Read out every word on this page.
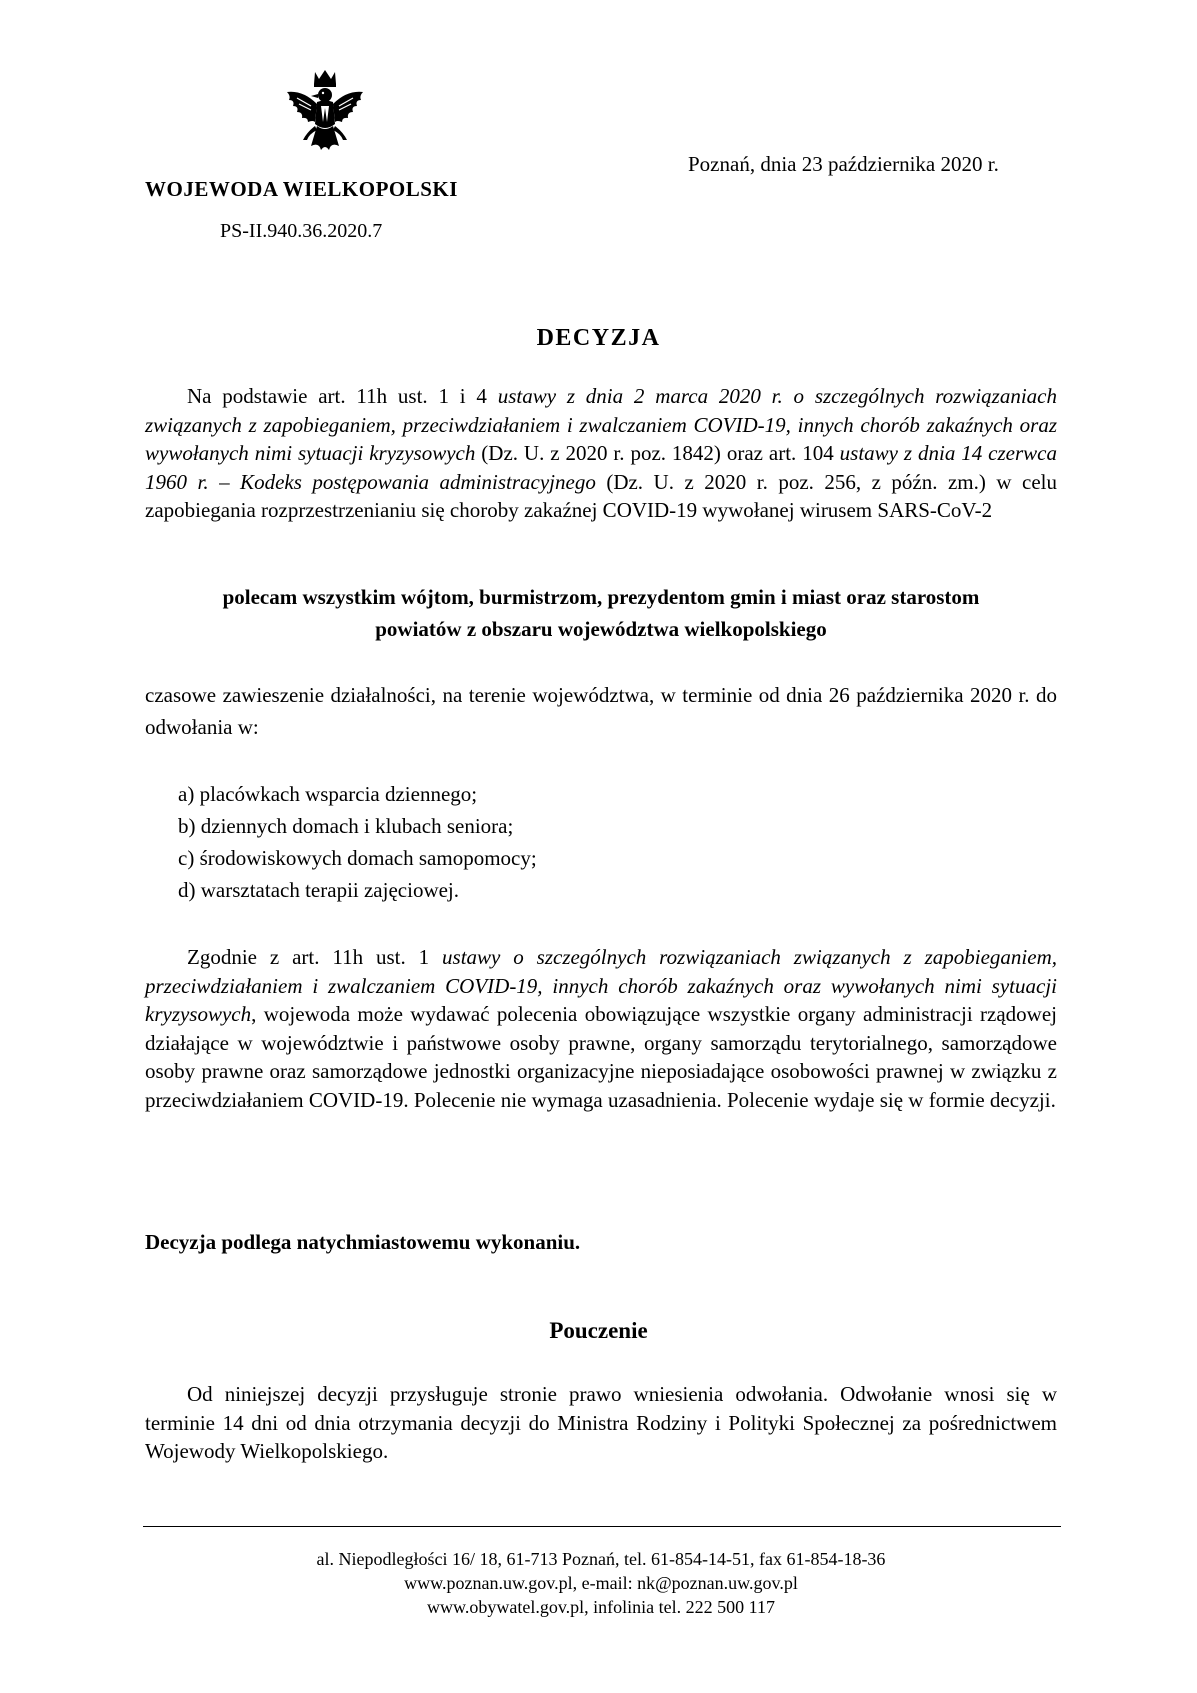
WOJEWODA WIELKOPOLSKI
PS-II.940.36.2020.7
Poznań, dnia 23 października 2020 r.
DECYZJA
Na podstawie art. 11h ust. 1 i 4 ustawy z dnia 2 marca 2020 r. o szczególnych rozwiązaniach związanych z zapobieganiem, przeciwdziałaniem i zwalczaniem COVID-19, innych chorób zakaźnych oraz wywołanych nimi sytuacji kryzysowych (Dz. U. z 2020 r. poz. 1842) oraz art. 104 ustawy z dnia 14 czerwca 1960 r. – Kodeks postępowania administracyjnego (Dz. U. z 2020 r. poz. 256, z późn. zm.) w celu zapobiegania rozprzestrzenianiu się choroby zakaźnej COVID-19 wywołanej wirusem SARS-CoV-2
polecam wszystkim wójtom, burmistrzom, prezydentom gmin i miast oraz starostom
powiatów z obszaru województwa wielkopolskiego
czasowe zawieszenie działalności, na terenie województwa, w terminie od dnia 26 października 2020 r. do odwołania w:
a) placówkach wsparcia dziennego;
b) dziennych domach i klubach seniora;
c) środowiskowych domach samopomocy;
d) warsztatach terapii zajęciowej.
Zgodnie z art. 11h ust. 1 ustawy o szczególnych rozwiązaniach związanych z zapobieganiem, przeciwdziałaniem i zwalczaniem COVID-19, innych chorób zakaźnych oraz wywołanych nimi sytuacji kryzysowych, wojewoda może wydawać polecenia obowiązujące wszystkie organy administracji rządowej działające w województwie i państwowe osoby prawne, organy samorządu terytorialnego, samorządowe osoby prawne oraz samorządowe jednostki organizacyjne nieposiadające osobowości prawnej w związku z przeciwdziałaniem COVID-19. Polecenie nie wymaga uzasadnienia. Polecenie wydaje się w formie decyzji.
Decyzja podlega natychmiastowemu wykonaniu.
Pouczenie
Od niniejszej decyzji przysługuje stronie prawo wniesienia odwołania. Odwołanie wnosi się w terminie 14 dni od dnia otrzymania decyzji do Ministra Rodziny i Polityki Społecznej za pośrednictwem Wojewody Wielkopolskiego.
al. Niepodległości 16/ 18, 61-713 Poznań, tel. 61-854-14-51, fax 61-854-18-36
www.poznan.uw.gov.pl, e-mail: nk@poznan.uw.gov.pl
www.obywatel.gov.pl, infolinia tel. 222 500 117
